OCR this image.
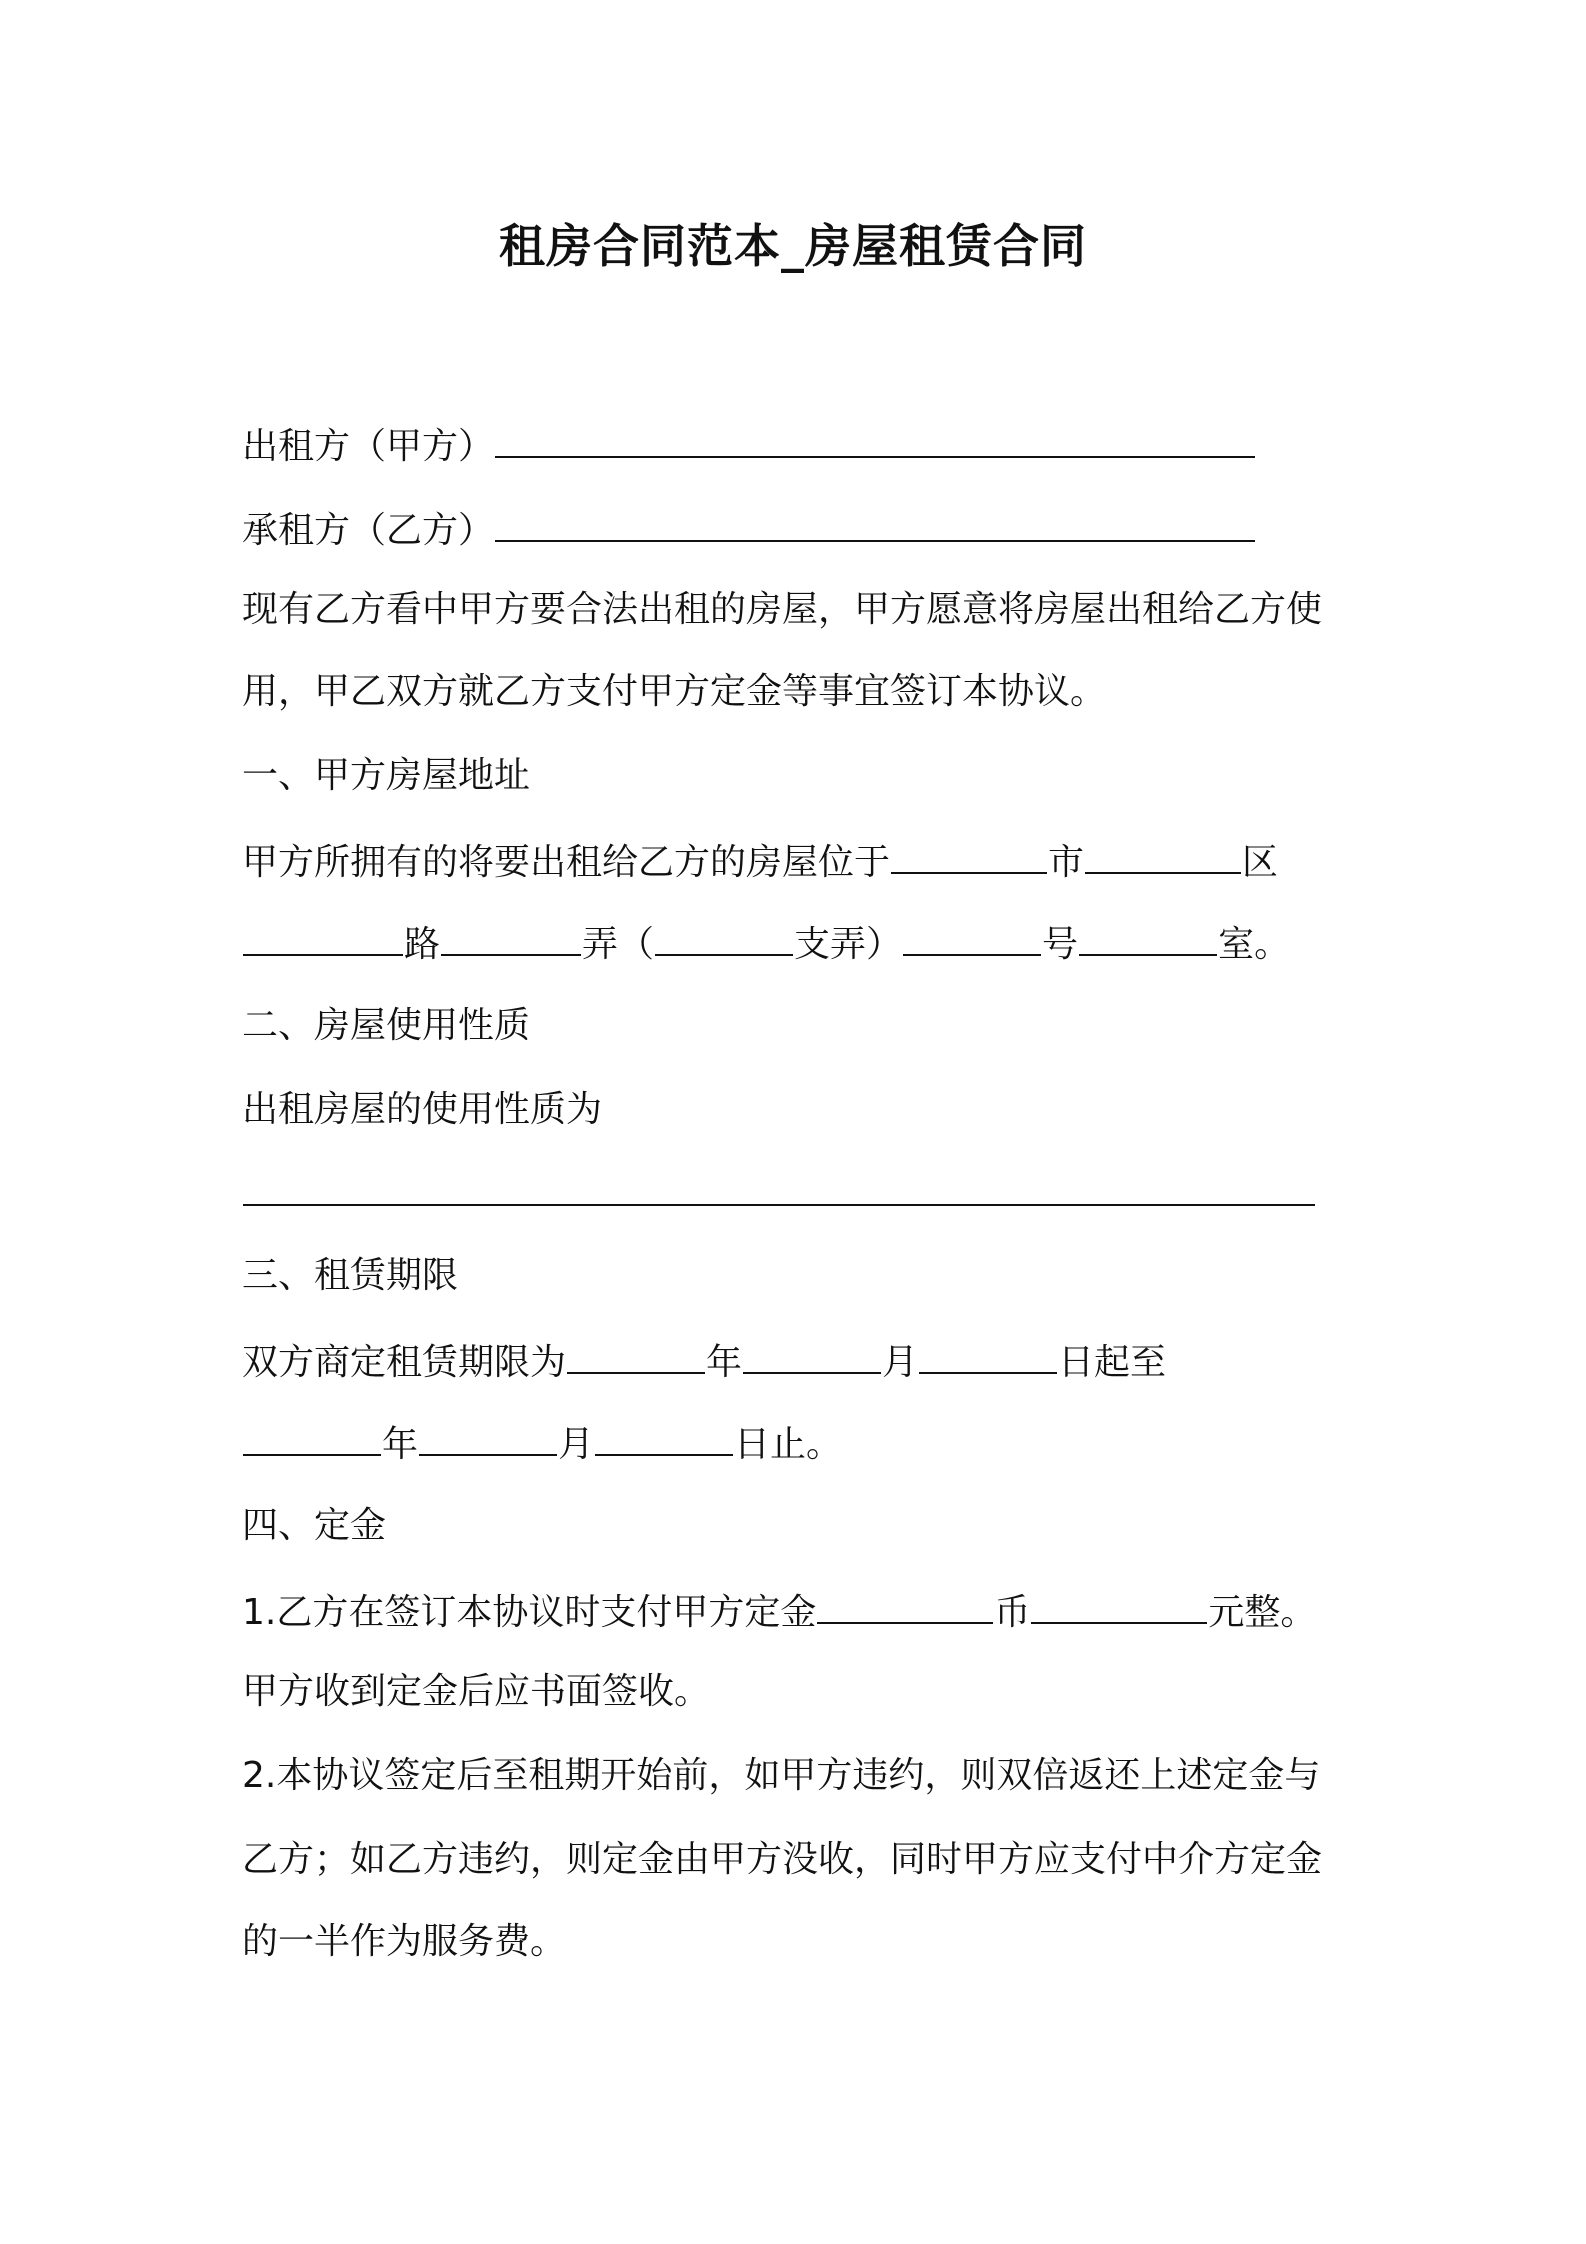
租房合同范本_房屋租赁合同
出租方（甲方）
承租方（乙方）
现有乙方看中甲方要合法出租的房屋，甲方愿意将房屋出租给乙方使
用，甲乙双方就乙方支付甲方定金等事宜签订本协议。
一、甲方房屋地址
甲方所拥有的将要出租给乙方的房屋位于	市	区
路	弄（	支弄）	号	室。
二、房屋使用性质
出租房屋的使用性质为
三、租赁期限
双方商定租赁期限为	年	月	日起至
年	月	日止。
四、定金
1.乙方在签订本协议时支付甲方定金	币	元整。
甲方收到定金后应书面签收。
2.本协议签定后至租期开始前，如甲方违约，则双倍返还上述定金与
乙方；如乙方违约，则定金由甲方没收，同时甲方应支付中介方定金
的一半作为服务费。
